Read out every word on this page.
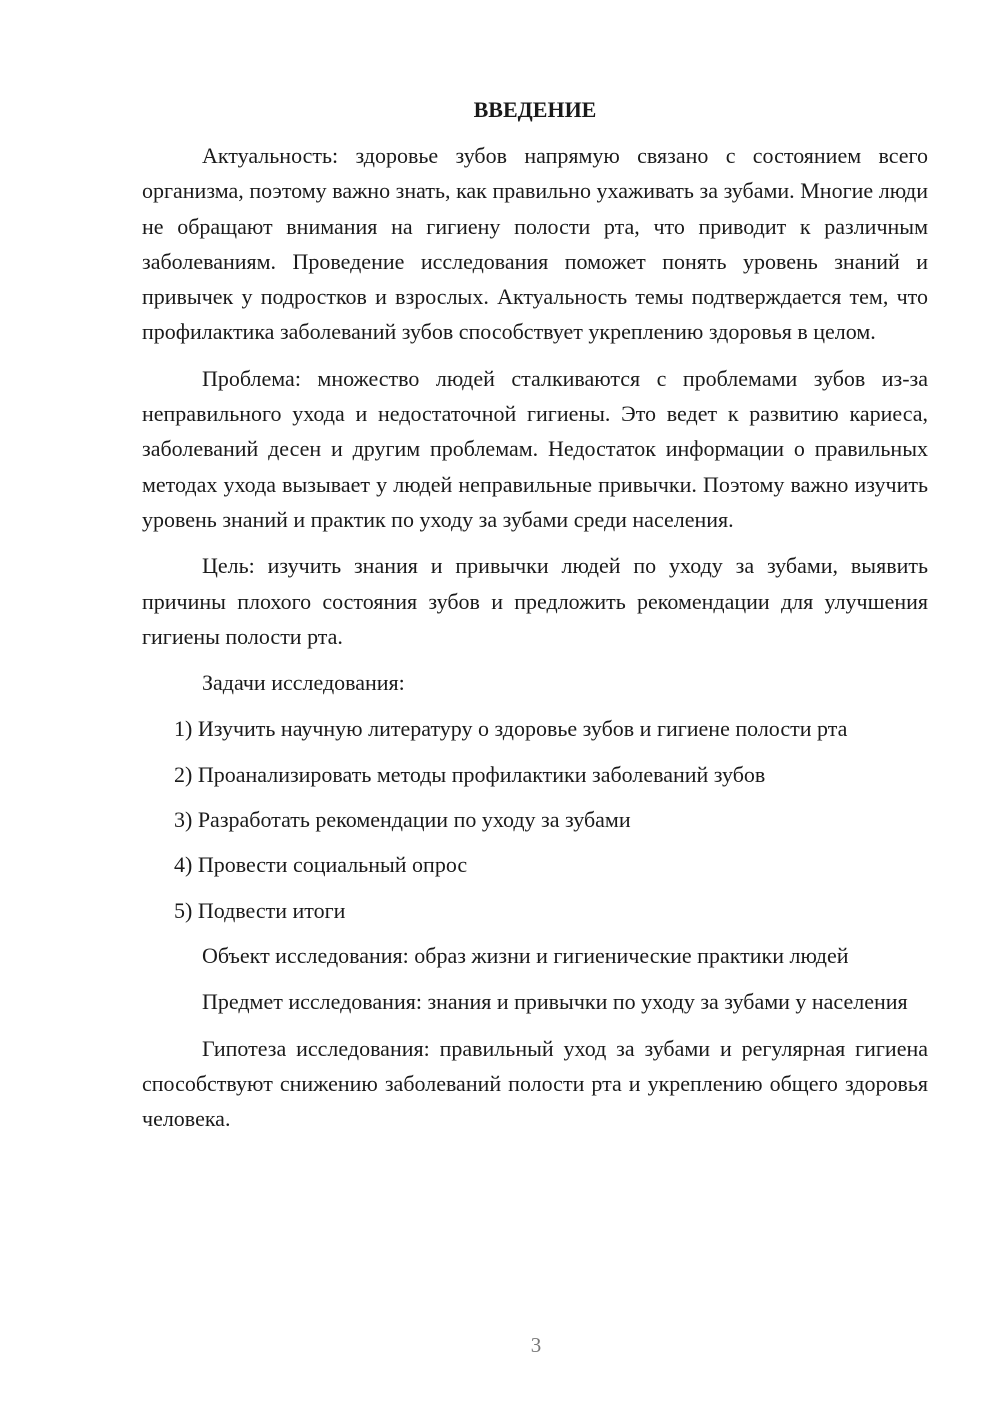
ВВЕДЕНИЕ

Актуальность: здоровье зубов напрямую связано с состоянием всего организма, поэтому важно знать, как правильно ухаживать за зубами. Многие люди не обращают внимания на гигиену полости рта, что приводит к различным заболеваниям. Проведение исследования поможет понять уровень знаний и привычек у подростков и взрослых. Актуальность темы подтверждается тем, что профилактика заболеваний зубов способствует укреплению здоровья в целом.

Проблема: множество людей сталкиваются с проблемами зубов из-за неправильного ухода и недостаточной гигиены. Это ведет к развитию кариеса, заболеваний десен и другим проблемам. Недостаток информации о правильных методах ухода вызывает у людей неправильные привычки. Поэтому важно изучить уровень знаний и практик по уходу за зубами среди населения.

Цель: изучить знания и привычки людей по уходу за зубами, выявить причины плохого состояния зубов и предложить рекомендации для улучшения гигиены полости рта.

Задачи исследования:

1) Изучить научную литературу о здоровье зубов и гигиене полости рта

2) Проанализировать методы профилактики заболеваний зубов

3) Разработать рекомендации по уходу за зубами

4) Провести социальный опрос

5) Подвести итоги

Объект исследования: образ жизни и гигиенические практики людей

Предмет исследования: знания и привычки по уходу за зубами у населения

Гипотеза исследования: правильный уход за зубами и регулярная гигиена способствуют снижению заболеваний полости рта и укреплению общего здоровья человека.

3
